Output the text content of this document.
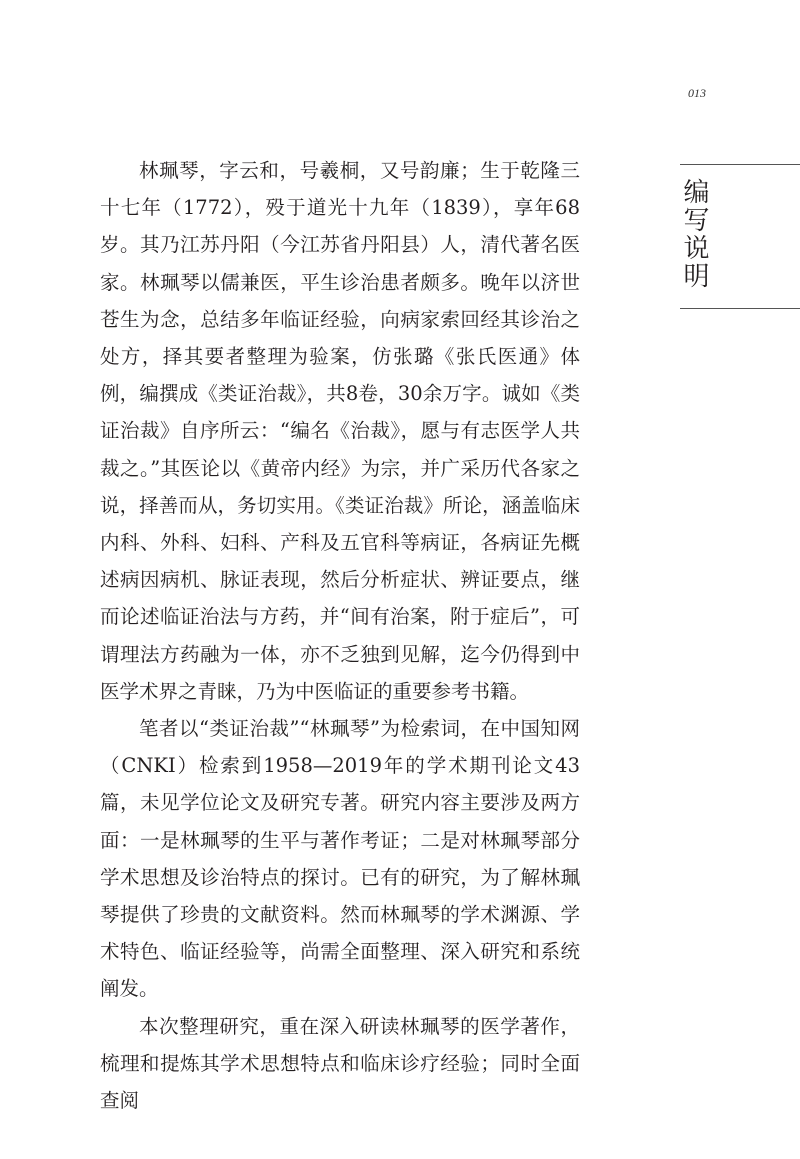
013
编写说明

林珮琴，字云和，号羲桐，又号韵廉；生于乾隆三十七年（1772），殁于道光十九年（1839），享年68岁。其乃江苏丹阳（今江苏省丹阳县）人，清代著名医家。林珮琴以儒兼医，平生诊治患者颇多。晚年以济世苍生为念，总结多年临证经验，向病家索回经其诊治之处方，择其要者整理为验案，仿张璐《张氏医通》体例，编撰成《类证治裁》，共8卷，30余万字。诚如《类证治裁》自序所云：“编名《治裁》，愿与有志医学人共裁之。”其医论以《黄帝内经》为宗，并广采历代各家之说，择善而从，务切实用。《类证治裁》所论，涵盖临床内科、外科、妇科、产科及五官科等病证，各病证先概述病因病机、脉证表现，然后分析症状、辨证要点，继而论述临证治法与方药，并“间有治案，附于症后”，可谓理法方药融为一体，亦不乏独到见解，迄今仍得到中医学术界之青睐，乃为中医临证的重要参考书籍。

笔者以“类证治裁”“林珮琴”为检索词，在中国知网（CNKI）检索到1958—2019年的学术期刊论文43篇，未见学位论文及研究专著。研究内容主要涉及两方面：一是林珮琴的生平与著作考证；二是对林珮琴部分学术思想及诊治特点的探讨。已有的研究，为了解林珮琴提供了珍贵的文献资料。然而林珮琴的学术渊源、学术特色、临证经验等，尚需全面整理、深入研究和系统阐发。

本次整理研究，重在深入研读林珮琴的医学著作，梳理和提炼其学术思想特点和临床诊疗经验；同时全面查阅
